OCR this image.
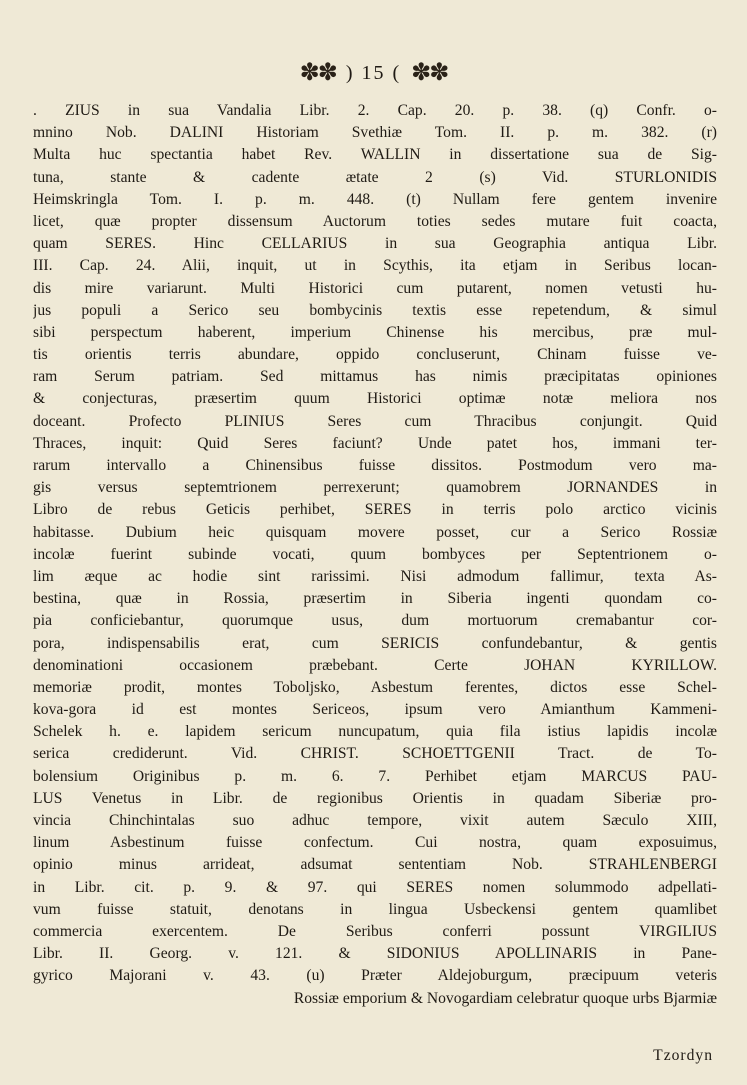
✽✽ ) 15 ( ✽✽
. ZIUS in sua Vandalia Libr. 2. Cap. 20. p. 38. (q) Confr. o-
mnino Nob. DALINI Historiam Svethiæ Tom. II. p. m. 382. (r)
Multa huc spectantia habet Rev. WALLIN in dissertatione sua de Sig-
tuna, stante & cadente ætate 2 (s) Vid. STURLONIDIS
Heimskringla Tom. I. p. m. 448. (t) Nullam fere gentem invenire
licet, quæ propter dissensum Auctorum toties sedes mutare fuit coacta,
quam SERES. Hinc CELLARIUS in sua Geographia antiqua Libr.
III. Cap. 24. Alii, inquit, ut in Scythis, ita etjam in Seribus locan-
dis mire variarunt. Multi Historici cum putarent, nomen vetusti hu-
jus populi a Serico seu bombycinis textis esse repetendum, & simul
sibi perspectum haberent, imperium Chinense his mercibus, præ mul-
tis orientis terris abundare, oppido concluserunt, Chinam fuisse ve-
ram Serum patriam. Sed mittamus has nimis præcipitatas opiniones
& conjecturas, præsertim quum Historici optimæ notæ meliora nos
doceant. Profecto PLINIUS Seres cum Thracibus conjungit. Quid
Thraces, inquit: Quid Seres faciunt? Unde patet hos, immani ter-
rarum intervallo a Chinensibus fuisse dissitos. Postmodum vero ma-
gis versus septemtrionem perrexerunt; quamobrem JORNANDES in
Libro de rebus Geticis perhibet, SERES in terris polo arctico vicinis
habitasse. Dubium heic quisquam movere posset, cur a Serico Rossiæ
incolæ fuerint subinde vocati, quum bombyces per Septentrionem o-
lim æque ac hodie sint rarissimi. Nisi admodum fallimur, texta As-
bestina, quæ in Rossia, præsertim in Siberia ingenti quondam co-
pia conficiebantur, quorumque usus, dum mortuorum cremabantur cor-
pora, indispensabilis erat, cum SERICIS confundebantur, & gentis
denominationi occasionem præbebant. Certe JOHAN KYRILLOW.
memoriæ prodit, montes Toboljsko, Asbestum ferentes, dictos esse Schel-
kova-gora id est montes Sericeos, ipsum vero Amianthum Kammeni-
Schelek h. e. lapidem sericum nuncupatum, quia fila istius lapidis incolæ
serica crediderunt. Vid. CHRIST. SCHOETTGENII Tract. de To-
bolensium Originibus p. m. 6. 7. Perhibet etjam MARCUS PAU-
LUS Venetus in Libr. de regionibus Orientis in quadam Siberiæ pro-
vincia Chinchintalas suo adhuc tempore, vixit autem Sæculo XIII,
linum Asbestinum fuisse confectum. Cui nostra, quam exposuimus,
opinio minus arrideat, adsumat sententiam Nob. STRAHLENBERGI
in Libr. cit. p. 9. & 97. qui SERES nomen solummodo adpellati-
vum fuisse statuit, denotans in lingua Usbeckensi gentem quamlibet
commercia exercentem. De Seribus conferri possunt VIRGILIUS
Libr. II. Georg. v. 121. & SIDONIUS APOLLINARIS in Pane-
gyrico Majorani v. 43. (u) Præter Aldejoburgum, præcipuum veteris
Rossiæ emporium & Novogardiam celebratur quoque urbs Bjarmiæ
Tzordyn
